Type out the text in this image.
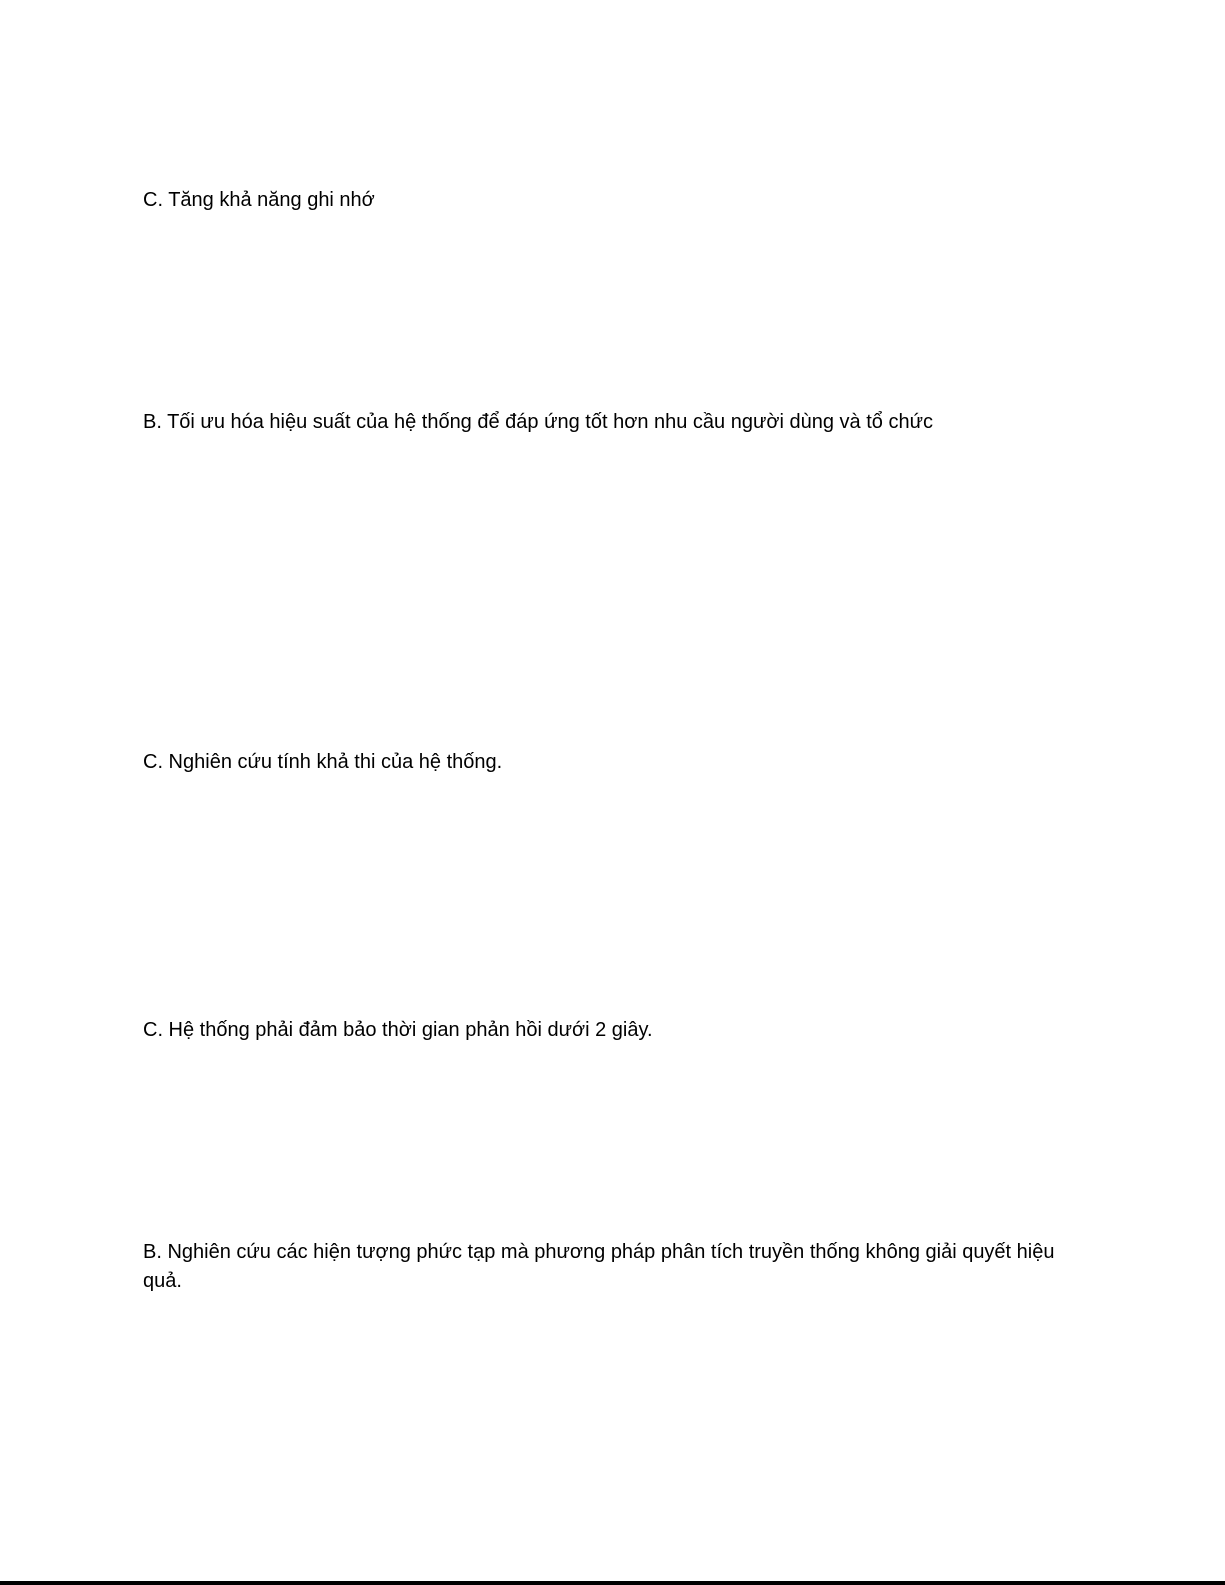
C. Tăng khả năng ghi nhớ

B. Tối ưu hóa hiệu suất của hệ thống để đáp ứng tốt hơn nhu cầu người dùng và tổ chức

C. Nghiên cứu tính khả thi của hệ thống.

C. Hệ thống phải đảm bảo thời gian phản hồi dưới 2 giây.

B. Nghiên cứu các hiện tượng phức tạp mà phương pháp phân tích truyền thống không giải quyết hiệu quả.
